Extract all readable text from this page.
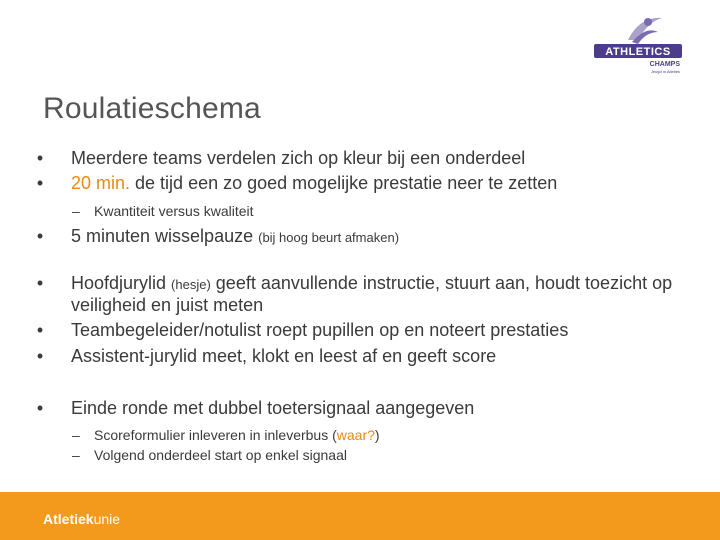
ATHLETICS
CHAMPS
Jeugd in Atletiek
Roulatieschema
•	Meerdere teams verdelen zich op kleur bij een onderdeel
•	20 min. de tijd een zo goed mogelijke prestatie neer te zetten
– Kwantiteit versus kwaliteit
•	5 minuten wisselpauze (bij hoog beurt afmaken)
•	Hoofdjurylid (hesje) geeft aanvullende instructie, stuurt aan, houdt toezicht op veiligheid en juist meten
•	Teambegeleider/notulist roept pupillen op en noteert prestaties
•	Assistent-jurylid meet, klokt en leest af en geeft score
•	Einde ronde met dubbel toetersignaal aangegeven
– Scoreformulier inleveren in inleverbus (waar?)
– Volgend onderdeel start op enkel signaal
Atletiekunie
